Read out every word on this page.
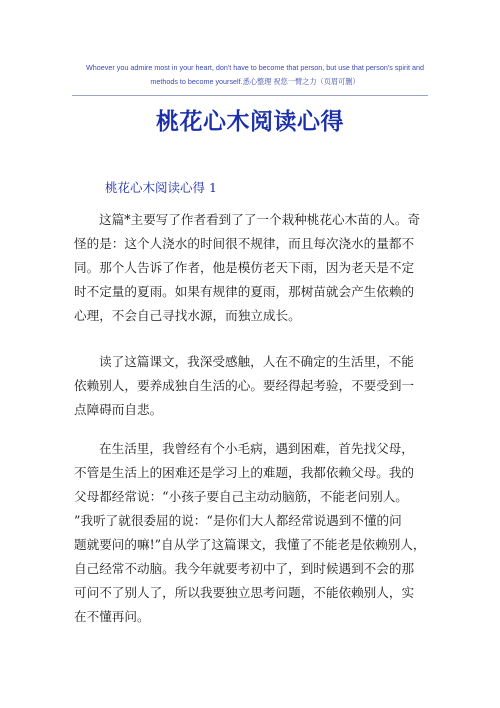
Whoever you admire most in your heart, don't have to become that person, but use that person's spirit and
methods to become yourself.悉心整理 祝您一臂之力（页眉可删）
桃花心木阅读心得
桃花心木阅读心得 1
这篇*主要写了作者看到了了一个栽种桃花心木苗的人。奇
怪的是：这个人浇水的时间很不规律，而且每次浇水的量都不
同。那个人告诉了作者，他是模仿老天下雨，因为老天是不定
时不定量的夏雨。如果有规律的夏雨，那树苗就会产生依赖的
心理，不会自己寻找水源，而独立成长。
读了这篇课文，我深受感触，人在不确定的生活里，不能
依赖别人，要养成独自生活的心。要经得起考验，不要受到一
点障碍而自悲。
在生活里，我曾经有个小毛病，遇到困难，首先找父母，
不管是生活上的困难还是学习上的难题，我都依赖父母。我的
父母都经常说：“小孩子要自己主动动脑筋，不能老问别人。
”我听了就很委屈的说：“是你们大人都经常说遇到不懂的问
题就要问的嘛!”自从学了这篇课文，我懂了不能老是依赖别人，
自己经常不动脑。我今年就要考初中了，到时候遇到不会的那
可问不了别人了，所以我要独立思考问题，不能依赖别人，实
在不懂再问。
